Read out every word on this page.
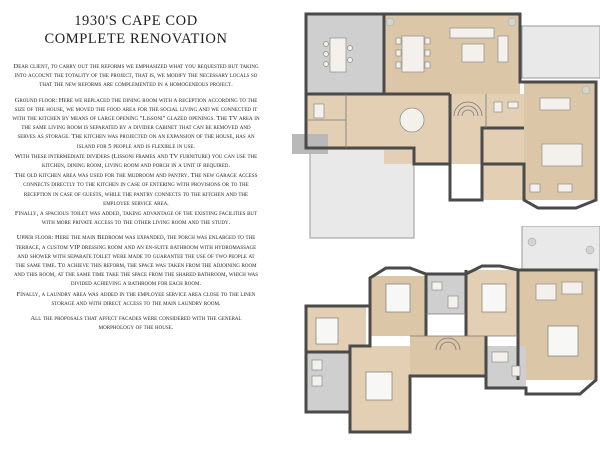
1930'S CAPE COD
COMPLETE RENOVATION

Dear client, to carry out the reforms we emphasized what you requested but taking into account the totality of the project, that is, we modify the necessary locals so that the new reforms are complemented in a homogeneous project.

Ground floor: Here we replaced the dining room with a reception according to the size of the house, we moved the food area for the social living and we connected it with the kitchen by means of large opening "Lissoni" glazed openings. The TV area in the same living room is separated by a divider cabinet that can be removed and serves as storage. The kitchen was projected on an expansion of the house, has an island for 5 people and is flexible in use.

With these intermediate dividers (Lissoni frames and TV furniture) you can use the kitchen, dining room, living room and porch in a unit if required.

The old kitchen area was used for the mudroom and pantry. The new garage access connects directly to the kitchen in case of entering with provisions or to the reception in case of guests, while the pantry connects to the kitchen and the employee service area.

Finally, a spacious toilet was added, taking advantage of the existing facilities but with more private access to the other living room and the study.

Upper floor: Here the main Bedroom was expanded, the porch was enlarged to the terrace, a custom VIP dressing room and an en-suite bathroom with hydromassage and shower with separate toilet were made to guarantee the use of two people at the same time. To achieve this reform, the space was taken from the adjoining room and this room, at the same time take the space from the shared bathroom, which was divided achieving a bathroom for each room.

Finally, a laundry area was added in the employee service area close to the linen storage and with direct access to the main laundry room.

All the proposals that affect facades were considered with the general morphology of the house.
